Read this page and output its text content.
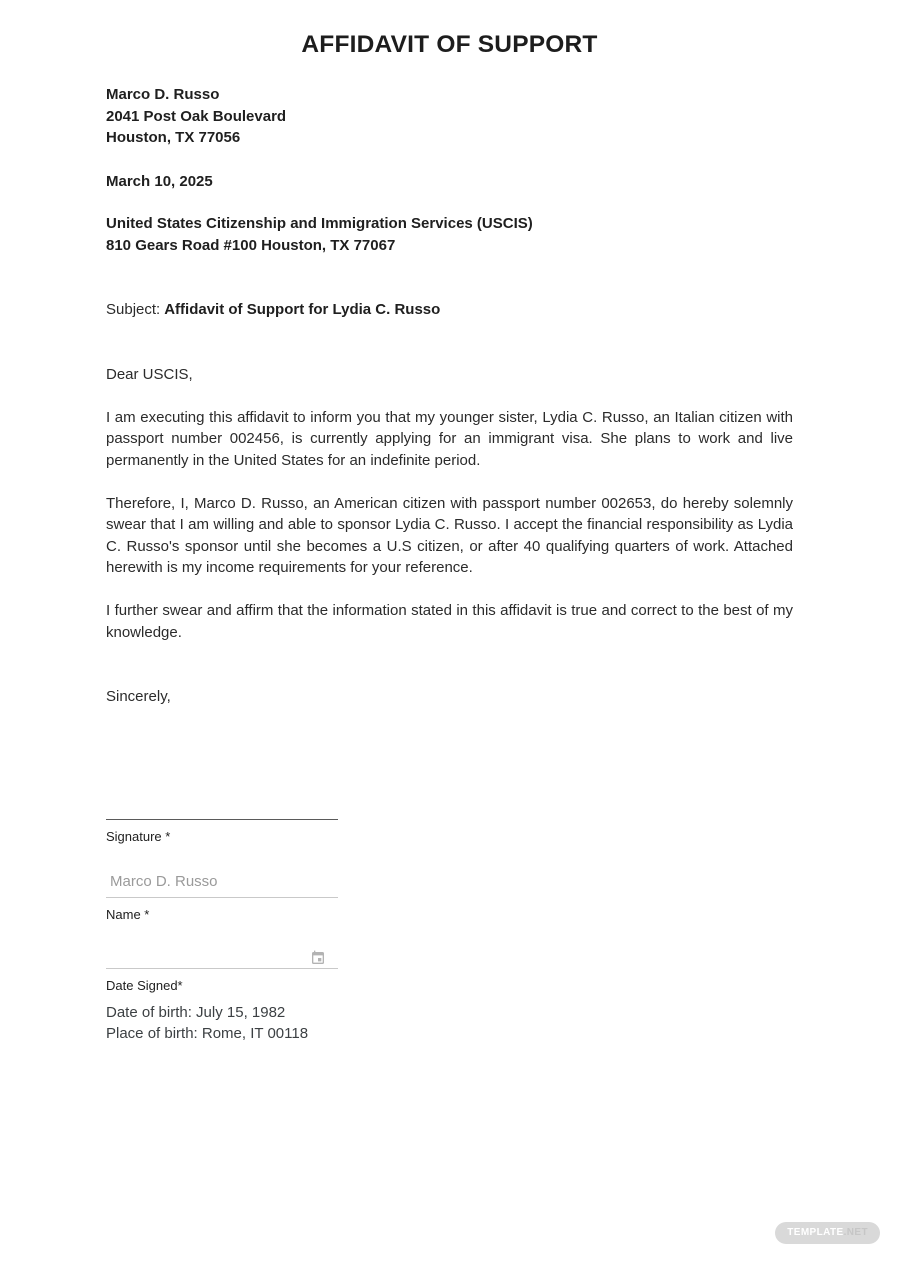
AFFIDAVIT OF SUPPORT
Marco D. Russo
2041 Post Oak Boulevard
Houston, TX 77056
March 10, 2025
United States Citizenship and Immigration Services (USCIS)
810 Gears Road #100 Houston, TX 77067
Subject: Affidavit of Support for Lydia C. Russo
Dear USCIS,

I am executing this affidavit to inform you that my younger sister, Lydia C. Russo, an Italian citizen with passport number 002456, is currently applying for an immigrant visa. She plans to work and live permanently in the United States for an indefinite period.

Therefore, I, Marco D. Russo, an American citizen with passport number 002653, do hereby solemnly swear that I am willing and able to sponsor Lydia C. Russo. I accept the financial responsibility as Lydia C. Russo's sponsor until she becomes a U.S citizen, or after 40 qualifying quarters of work. Attached herewith is my income requirements for your reference.

I further swear and affirm that the information stated in this affidavit is true and correct to the best of my knowledge.

Sincerely,
Signature *
Marco D. Russo
Name *
Date Signed*
Date of birth: July 15, 1982
Place of birth: Rome, IT 00118
TEMPLATE.NET
